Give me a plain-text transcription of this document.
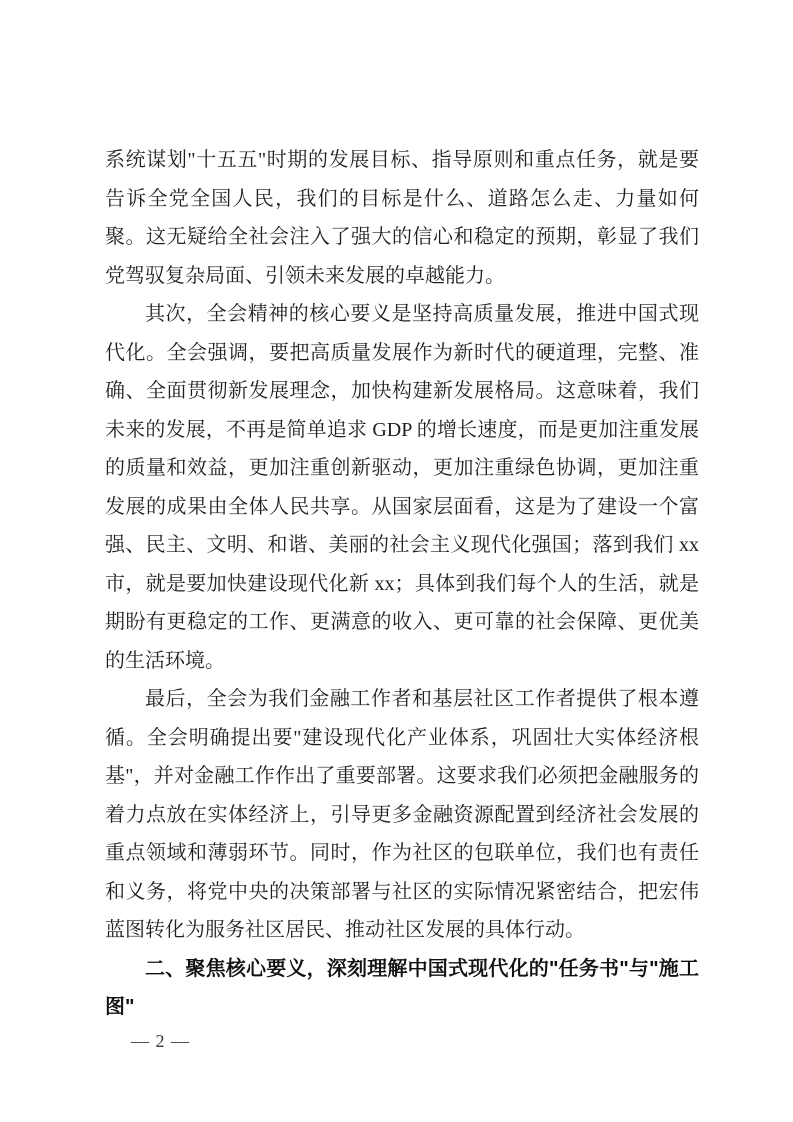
系统谋划"十五五"时期的发展目标、指导原则和重点任务，就是要告诉全党全国人民，我们的目标是什么、道路怎么走、力量如何聚。这无疑给全社会注入了强大的信心和稳定的预期，彰显了我们党驾驭复杂局面、引领未来发展的卓越能力。

其次，全会精神的核心要义是坚持高质量发展，推进中国式现代化。全会强调，要把高质量发展作为新时代的硬道理，完整、准确、全面贯彻新发展理念，加快构建新发展格局。这意味着，我们未来的发展，不再是简单追求 GDP 的增长速度，而是更加注重发展的质量和效益，更加注重创新驱动，更加注重绿色协调，更加注重发展的成果由全体人民共享。从国家层面看，这是为了建设一个富强、民主、文明、和谐、美丽的社会主义现代化强国；落到我们 xx 市，就是要加快建设现代化新 xx；具体到我们每个人的生活，就是期盼有更稳定的工作、更满意的收入、更可靠的社会保障、更优美的生活环境。

最后，全会为我们金融工作者和基层社区工作者提供了根本遵循。全会明确提出要"建设现代化产业体系，巩固壮大实体经济根基"，并对金融工作作出了重要部署。这要求我们必须把金融服务的着力点放在实体经济上，引导更多金融资源配置到经济社会发展的重点领域和薄弱环节。同时，作为社区的包联单位，我们也有责任和义务，将党中央的决策部署与社区的实际情况紧密结合，把宏伟蓝图转化为服务社区居民、推动社区发展的具体行动。

二、聚焦核心要义，深刻理解中国式现代化的"任务书"与"施工图"

— 2 —
